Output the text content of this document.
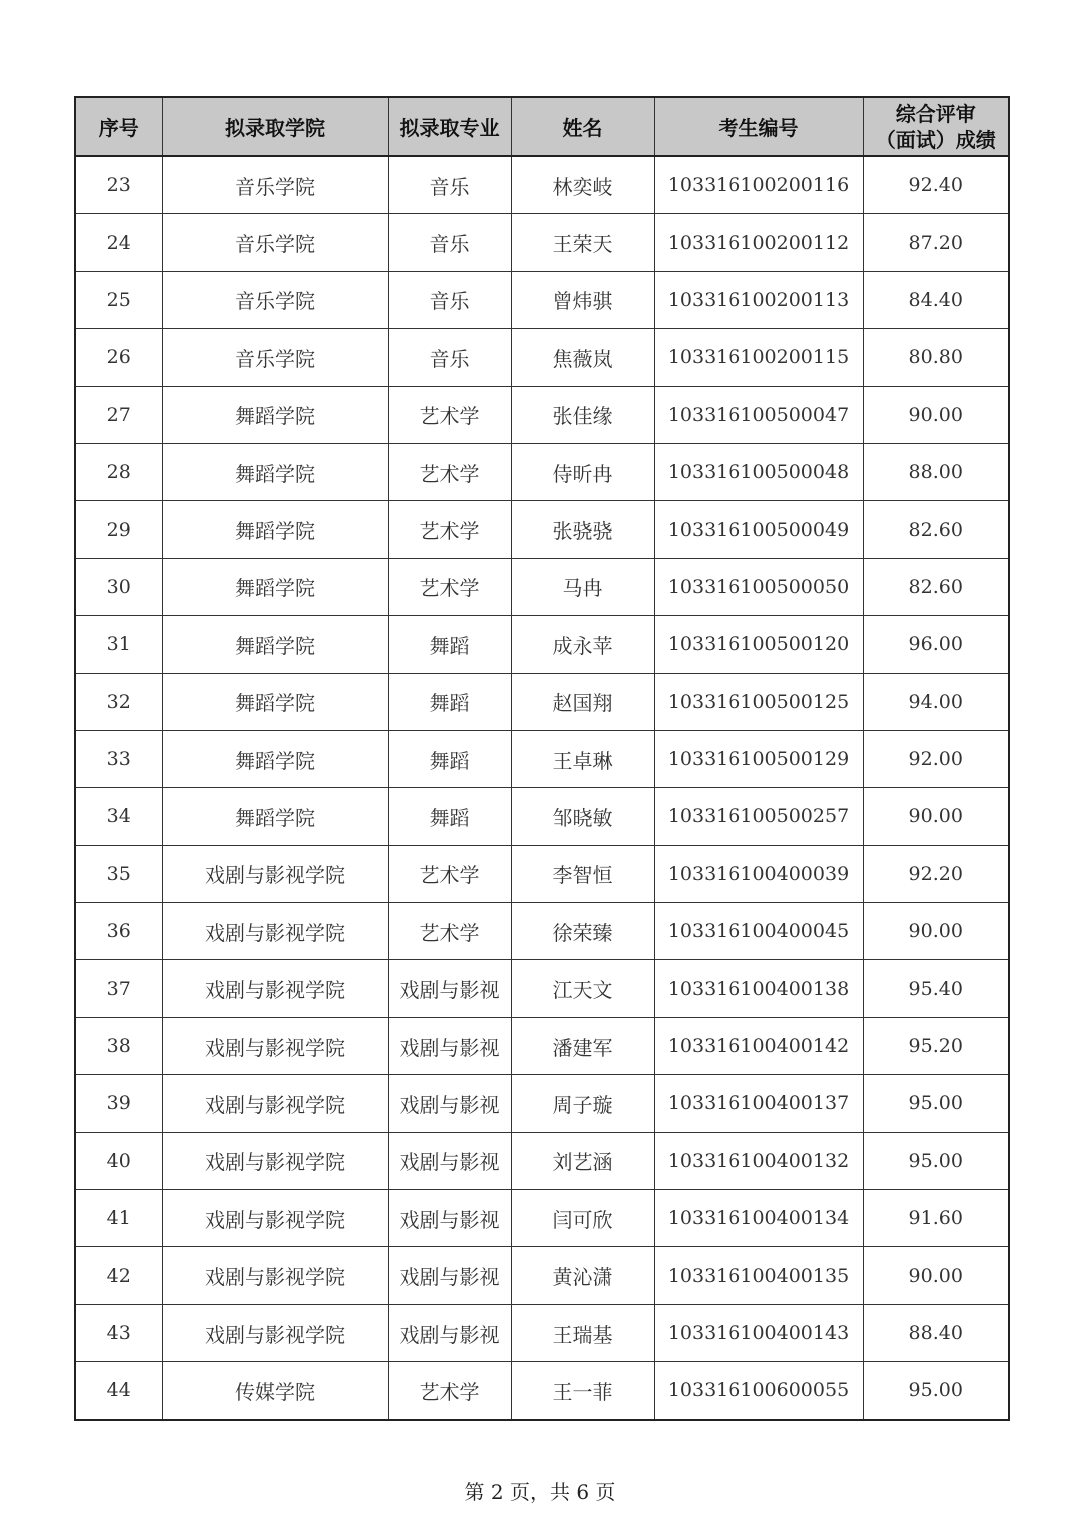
序号	拟录取学院	拟录取专业	姓名	考生编号	综合评审
（面试）成绩
23	音乐学院	音乐	林奕岐	103316100200116	92.40
24	音乐学院	音乐	王荣天	103316100200112	87.20
25	音乐学院	音乐	曾炜骐	103316100200113	84.40
26	音乐学院	音乐	焦薇岚	103316100200115	80.80
27	舞蹈学院	艺术学	张佳缘	103316100500047	90.00
28	舞蹈学院	艺术学	侍昕冉	103316100500048	88.00
29	舞蹈学院	艺术学	张骁骁	103316100500049	82.60
30	舞蹈学院	艺术学	马冉	103316100500050	82.60
31	舞蹈学院	舞蹈	成永苹	103316100500120	96.00
32	舞蹈学院	舞蹈	赵国翔	103316100500125	94.00
33	舞蹈学院	舞蹈	王卓琳	103316100500129	92.00
34	舞蹈学院	舞蹈	邹晓敏	103316100500257	90.00
35	戏剧与影视学院	艺术学	李智恒	103316100400039	92.20
36	戏剧与影视学院	艺术学	徐荣臻	103316100400045	90.00
37	戏剧与影视学院	戏剧与影视	江天文	103316100400138	95.40
38	戏剧与影视学院	戏剧与影视	潘建军	103316100400142	95.20
39	戏剧与影视学院	戏剧与影视	周子璇	103316100400137	95.00
40	戏剧与影视学院	戏剧与影视	刘艺涵	103316100400132	95.00
41	戏剧与影视学院	戏剧与影视	闫可欣	103316100400134	91.60
42	戏剧与影视学院	戏剧与影视	黄沁潇	103316100400135	90.00
43	戏剧与影视学院	戏剧与影视	王瑞基	103316100400143	88.40
44	传媒学院	艺术学	王一菲	103316100600055	95.00
第 2 页，共 6 页
